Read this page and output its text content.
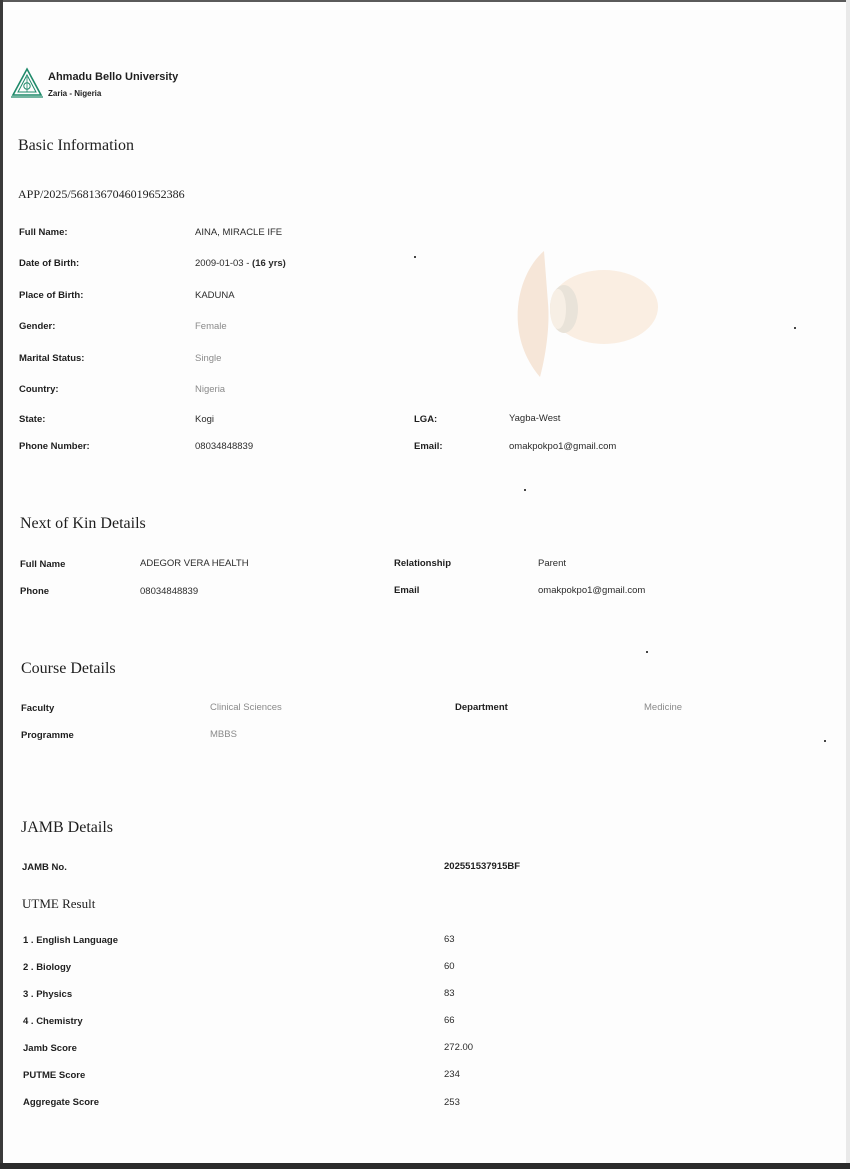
Ahmadu Bello University
Zaria - Nigeria
Basic Information
APP/2025/5681367046019652386
Full Name:	AINA, MIRACLE IFE
Date of Birth:	2009-01-03 - (16 yrs)
Place of Birth:	KADUNA
Gender:	Female
Marital Status:	Single
Country:	Nigeria
State:	Kogi	LGA:	Yagba-West
Phone Number:	08034848839	Email:	omakpokpo1@gmail.com
Next of Kin Details
Full Name	ADEGOR VERA HEALTH	Relationship	Parent
Phone	08034848839	Email	omakpokpo1@gmail.com
Course Details
Faculty	Clinical Sciences	Department	Medicine
Programme	MBBS
JAMB Details
JAMB No.	202551537915BF
UTME Result
1 . English Language	63
2 . Biology	60
3 . Physics	83
4 . Chemistry	66
Jamb Score	272.00
PUTME Score	234
Aggregate Score	253
